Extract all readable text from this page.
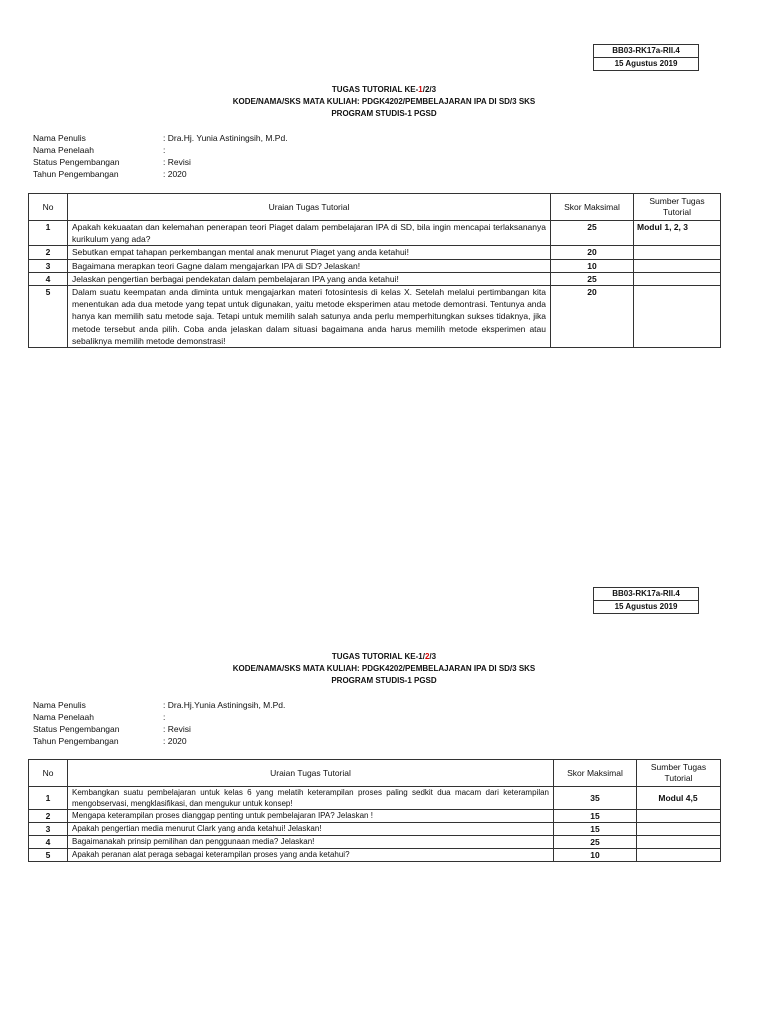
BB03-RK17a-RII.4
15 Agustus 2019
TUGAS TUTORIAL KE-1/2/3
KODE/NAMA/SKS MATA KULIAH: PDGK4202/PEMBELAJARAN IPA DI SD/3 SKS
PROGRAM STUDIS-1 PGSD
Nama Penulis	: Dra.Hj. Yunia Astiningsih, M.Pd.
Nama Penelaah	:
Status Pengembangan	: Revisi
Tahun Pengembangan	: 2020
No	Uraian Tugas Tutorial	Skor Maksimal	Sumber Tugas Tutorial
1	Apakah kekuaatan dan kelemahan penerapan teori Piaget dalam pembelajaran IPA di SD, bila ingin mencapai terlaksananya kurikulum yang ada?	25	Modul 1, 2, 3
2	Sebutkan empat tahapan perkembangan mental anak menurut Piaget yang anda ketahui!	20	
3	Bagaimana merapkan teori Gagne dalam mengajarkan IPA di SD? Jelaskan!	10	
4	Jelaskan pengertian berbagai pendekatan dalam pembelajaran IPA yang anda ketahui!	25	
5	Dalam suatu keempatan anda diminta untuk mengajarkan materi fotosintesis di kelas X. Setelah melalui pertimbangan kita menentukan ada dua metode yang tepat untuk digunakan, yaitu metode eksperimen atau metode demontrasi. Tentunya anda hanya kan memilih satu metode saja. Tetapi untuk memilih salah satunya anda perlu memperhitungkan sukses tidaknya, jika metode tersebut anda pilih. Coba anda jelaskan dalam situasi bagaimana anda harus memilih metode eksperimen atau sebaliknya memilih metode demonstrasi!	20	
BB03-RK17a-RII.4
15 Agustus 2019
TUGAS TUTORIAL KE-1/2/3
KODE/NAMA/SKS MATA KULIAH: PDGK4202/PEMBELAJARAN IPA DI SD/3 SKS
PROGRAM STUDIS-1 PGSD
Nama Penulis	: Dra.Hj.Yunia Astiningsih, M.Pd.
Nama Penelaah	:
Status Pengembangan	: Revisi
Tahun Pengembangan	: 2020
No	Uraian Tugas Tutorial	Skor Maksimal	Sumber Tugas Tutorial
1	Kembangkan suatu pembelajaran untuk kelas 6 yang melatih keterampilan proses paling sedkit dua macam dari keterampilan mengobservasi, mengklasifikasi, dan mengukur untuk konsep!	35	Modul 4,5
2	Mengapa keterampilan proses dianggap penting untuk pembelajaran IPA? Jelaskan !	15	
3	Apakah pengertian media menurut Clark yang anda ketahui! Jelaskan!	15	
4	Bagaimanakah prinsip pemilihan dan penggunaan media? Jelaskan!	25	
5	Apakah peranan alat peraga sebagai keterampilan proses yang anda ketahui?	10	
